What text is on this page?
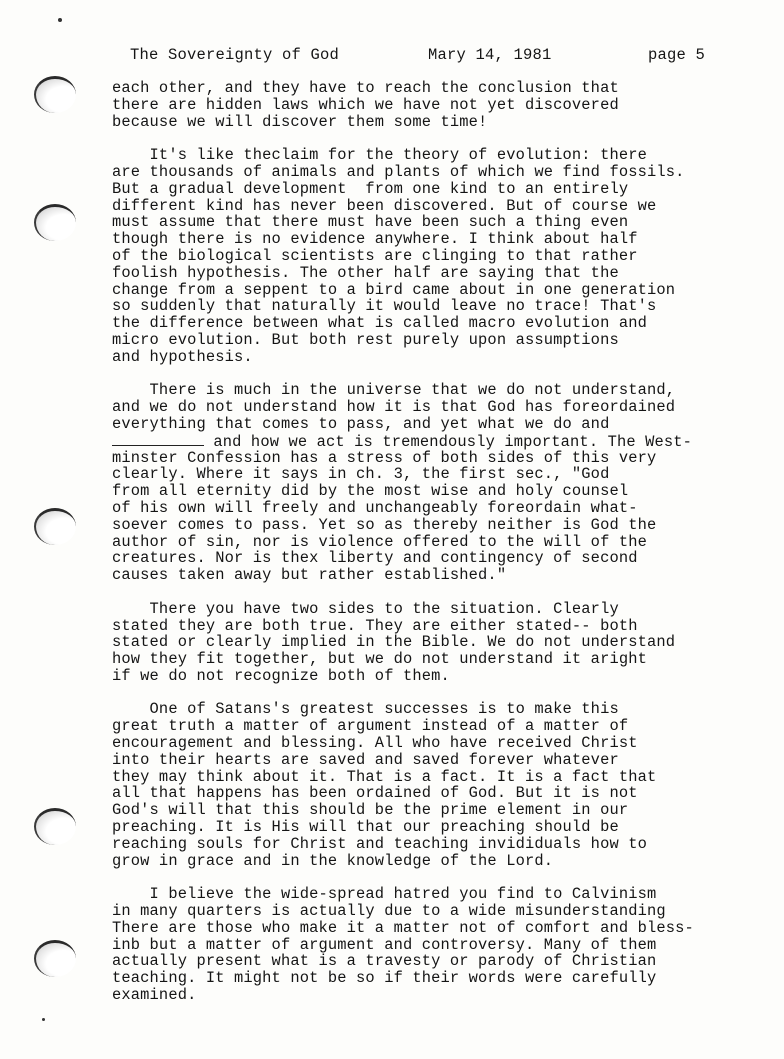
The Sovereignty of God

	Mary 14, 1981

	page 5

each other, and they have to reach the conclusion that
there are hidden laws which we have not yet discovered
because we will discover them some time!
It's like theclaim for the theory of evolution: there
are thousands of animals and plants of which we find fossils.
But a gradual development  from one kind to an entirely
different kind has never been discovered. But of course we
must assume that there must have been such a thing even
though there is no evidence anywhere. I think about half
of the biological scientists are clinging to that rather
foolish hypothesis. The other half are saying that the
change from a seppent to a bird came about in one generation
so suddenly that naturally it would leave no trace! That's
the difference between what is called macro evolution and
micro evolution. But both rest purely upon assumptions
and hypothesis.
There is much in the universe that we do not understand,
and we do not understand how it is that God has foreordained
everything that comes to pass, and yet what we do and
and how we act is tremendously important. The West-
minster Confession has a stress of both sides of this very
clearly. Where it says in ch. 3, the first sec., "God
from all eternity did by the most wise and holy counsel
of his own will freely and unchangeably foreordain what-
soever comes to pass. Yet so as thereby neither is God the
author of sin, nor is violence offered to the will of the
creatures. Nor is thex liberty and contingency of second
causes taken away but rather established."
There you have two sides to the situation. Clearly
stated they are both true. They are either stated-- both
stated or clearly implied in the Bible. We do not understand
how they fit together, but we do not understand it aright
if we do not recognize both of them.
One of Satans's greatest successes is to make this
great truth a matter of argument instead of a matter of
encouragement and blessing. All who have received Christ
into their hearts are saved and saved forever whatever
they may think about it. That is a fact. It is a fact that
all that happens has been ordained of God. But it is not
God's will that this should be the prime element in our
preaching. It is His will that our preaching should be
reaching souls for Christ and teaching invididuals how to
grow in grace and in the knowledge of the Lord.
I believe the wide-spread hatred you find to Calvinism
in many quarters is actually due to a wide misunderstanding
There are those who make it a matter not of comfort and bless-
inb but a matter of argument and controversy. Many of them
actually present what is a travesty or parody of Christian
teaching. It might not be so if their words were carefully
examined.
